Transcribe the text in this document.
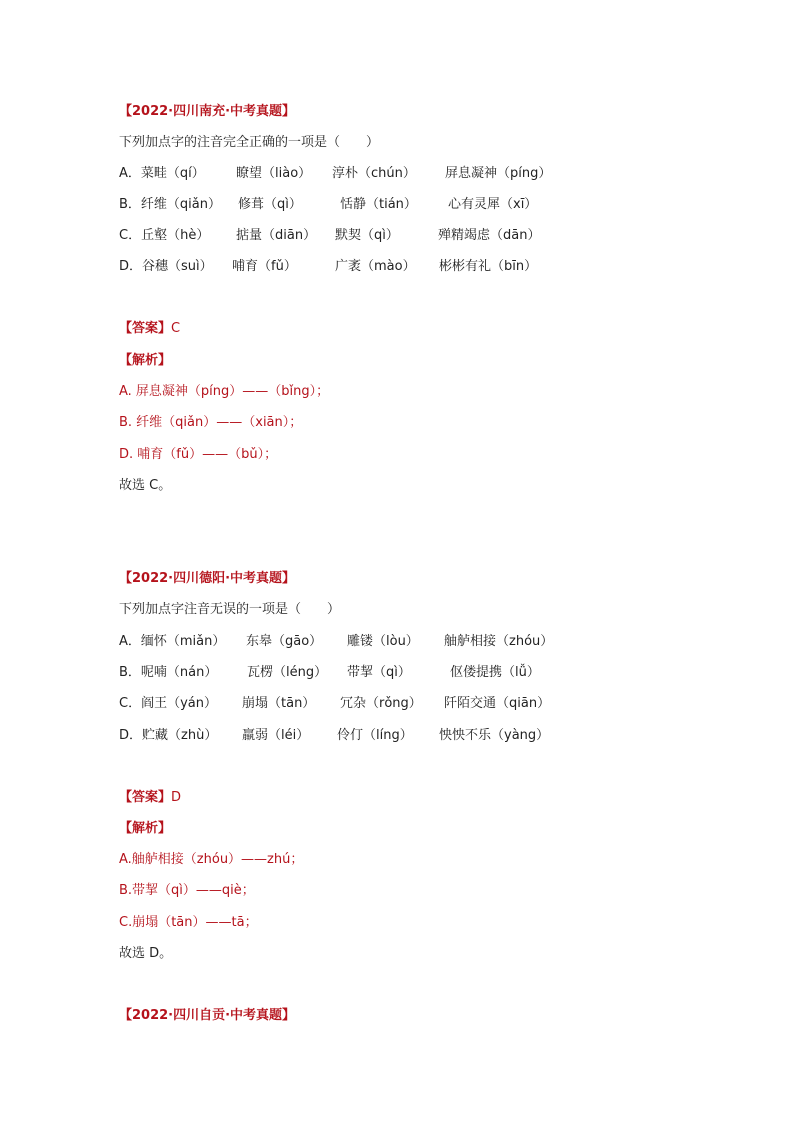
【2022·四川南充·中考真题】
下列加点字的注音完全正确的一项是（　　）
A．菜畦（qí） 瞭望（liào） 淳朴（chún） 屏息凝神（píng）
B．纤维（qiǎn） 修葺（qì）	恬静（tián） 心有灵犀（xī）
C．丘壑（hè） 掂量（diān） 默契（qì）	殚精竭虑（dān）
D．谷穗（suì） 哺育（fǔ）	广袤（mào） 彬彬有礼（bīn）
【答案】C
【解析】
A. 屏息凝神（píng）——（bǐng）；
B. 纤维（qiǎn）——（xiān）；
D. 哺育（fǔ）——（bǔ）；
故选 C。
【2022·四川德阳·中考真题】
下列加点字注音无误的一项是（　　）
A．缅怀（miǎn） 东皋（gāo） 雕镂（lòu） 舳舻相接（zhóu）
B．呢喃（nán） 瓦楞（léng） 带挈（qì）	伛偻提携（lǚ）
C．阎王（yán） 崩塌（tān） 冗杂（rǒng） 阡陌交通（qiān）
D．贮藏（zhù） 羸弱（léi） 伶仃（líng） 怏怏不乐（yàng）
【答案】D
【解析】
A.舳舻相接（zhóu）——zhú；
B.带挈（qì）——qiè；
C.崩塌（tān）——tā；
故选 D。
【2022·四川自贡·中考真题】
